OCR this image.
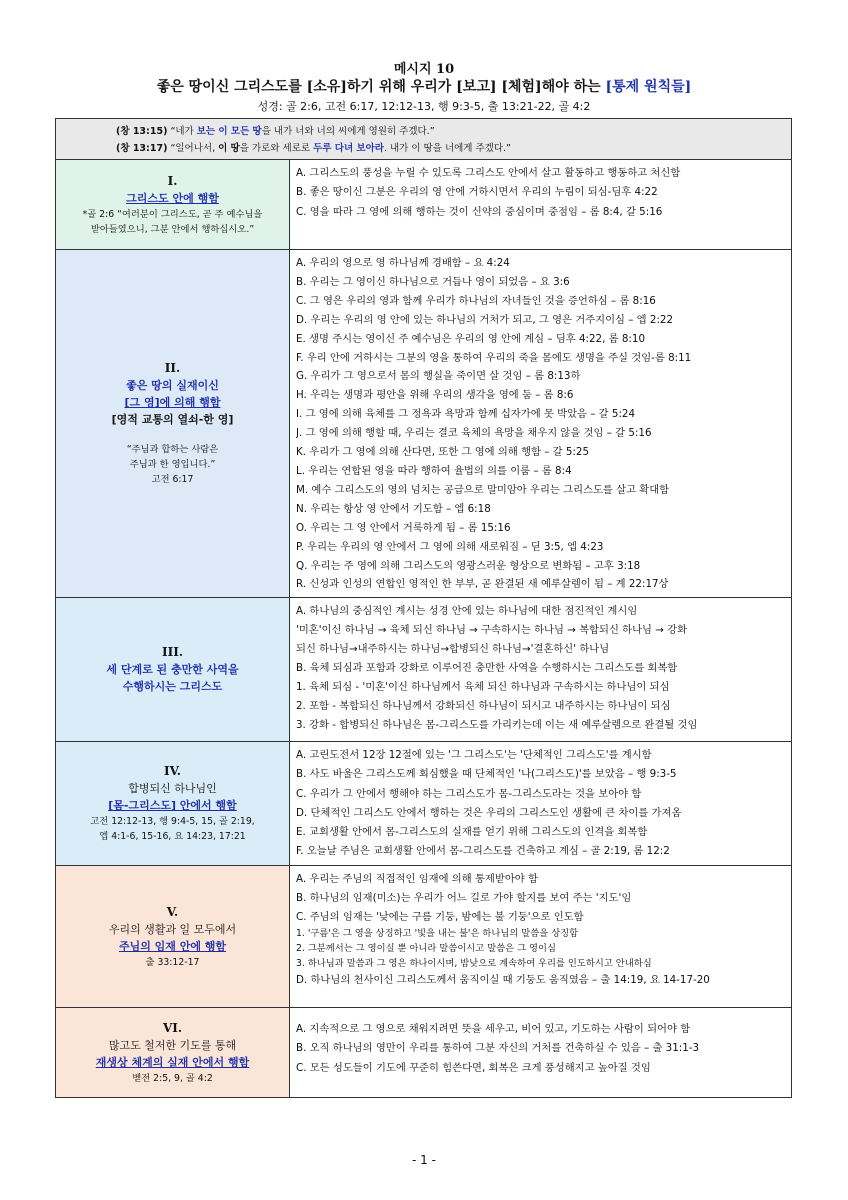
메시지 10
좋은 땅이신 그리스도를 [소유]하기 위해 우리가 [보고] [체험]해야 하는 [통제 원칙들]
성경: 골 2:6, 고전 6:17, 12:12-13, 행 9:3-5, 출 13:21-22, 골 4:2
(창 13:15) “네가 보는 이 모든 땅을 내가 너와 너의 씨에게 영원히 주겠다.”
(창 13:17) “일어나서, 이 땅을 가로와 세로로 두루 다녀 보아라. 내가 이 땅을 너에게 주겠다.”
I.
그리스도 안에 행함
*골 2:6 “여러분이 그리스도, 곧 주 예수님을
받아들였으니, 그분 안에서 행하십시오.”
A. 그리스도의 풍성을 누릴 수 있도록 그리스도 안에서 살고 활동하고 행동하고 처신함
B. 좋은 땅이신 그분은 우리의 영 안에 거하시면서 우리의 누림이 되심-딤후 4:22
C. 영을 따라 그 영에 의해 행하는 것이 신약의 중심이며 중점임 – 롬 8:4, 갈 5:16
II.
좋은 땅의 실재이신
[그 영]에 의해 행함
[영적 교통의 열쇠-한 영]
“주님과 합하는 사람은
주님과 한 영입니다.”
고전 6:17
A. 우리의 영으로 영 하나님께 경배함 – 요 4:24
B. 우리는 그 영이신 하나님으로 거듭나 영이 되었음 – 요 3:6
C. 그 영은 우리의 영과 함께 우리가 하나님의 자녀들인 것을 증언하심 – 롬 8:16
D. 우리는 우리의 영 안에 있는 하나님의 거처가 되고, 그 영은 거주지이심 – 엡 2:22
E. 생명 주시는 영이신 주 예수님은 우리의 영 안에 계심 – 딤후 4:22, 롬 8:10
F. 우리 안에 거하시는 그분의 영을 통하여 우리의 죽을 몸에도 생명을 주실 것임-롬 8:11
G. 우리가 그 영으로서 몸의 행실을 죽이면 살 것임 – 롬 8:13하
H. 우리는 생명과 평안을 위해 우리의 생각을 영에 둠 – 롬 8:6
I. 그 영에 의해 육체를 그 정욕과 욕망과 함께 십자가에 못 박았음 – 갈 5:24
J. 그 영에 의해 행할 때, 우리는 결코 육체의 욕망을 채우지 않을 것임 – 갈 5:16
K. 우리가 그 영에 의해 산다면, 또한 그 영에 의해 행함 – 갈 5:25
L. 우리는 연합된 영을 따라 행하여 율법의 의를 이룸 – 롬 8:4
M. 예수 그리스도의 영의 넘치는 공급으로 말미암아 우리는 그리스도를 살고 확대함
N. 우리는 항상 영 안에서 기도함 – 엡 6:18
O. 우리는 그 영 안에서 거룩하게 됨 – 롬 15:16
P. 우리는 우리의 영 안에서 그 영에 의해 새로워짐 – 딛 3:5, 엡 4:23
Q. 우리는 주 영에 의해 그리스도의 영광스러운 형상으로 변화됨 – 고후 3:18
R. 신성과 인성의 연합인 영적인 한 부부, 곧 완결된 새 예루살렘이 됨 – 계 22:17상
III.
세 단계로 된 충만한 사역을
수행하시는 그리스도
A. 하나님의 중심적인 계시는 성경 안에 있는 하나님에 대한 점진적인 계시임
'미혼'이신 하나님 → 육체 되신 하나님 → 구속하시는 하나님 → 복합되신 하나님 → 강화
되신 하나님→내주하시는 하나님→합병되신 하나님→'결혼하신' 하나님
B. 육체 되심과 포함과 강화로 이루어진 충만한 사역을 수행하시는 그리스도를 회복함
1. 육체 되심 - '미혼'이신 하나님께서 육체 되신 하나님과 구속하시는 하나님이 되심
2. 포함 - 복합되신 하나님께서 강화되신 하나님이 되시고 내주하시는 하나님이 되심
3. 강화 - 합병되신 하나님은 몸-그리스도를 가리키는데 이는 새 예루살렘으로 완결될 것임
IV.
합병되신 하나님인
[몸-그리스도] 안에서 행함
고전 12:12-13, 행 9:4-5, 15, 골 2:19,
엡 4:1-6, 15-16, 요 14:23, 17:21
A. 고린도전서 12장 12절에 있는 '그 그리스도'는 '단체적인 그리스도'를 계시함
B. 사도 바울은 그리스도께 회심했을 때 단체적인 '나(그리스도)'를 보았음 – 행 9:3-5
C. 우리가 그 안에서 행해야 하는 그리스도가 몸-그리스도라는 것을 보아야 함
D. 단체적인 그리스도 안에서 행하는 것은 우리의 그리스도인 생활에 큰 차이를 가져옴
E. 교회생활 안에서 몸-그리스도의 실재를 얻기 위해 그리스도의 인격을 회복함
F. 오늘날 주님은 교회생활 안에서 몸-그리스도를 건축하고 계심 – 골 2:19, 롬 12:2
V.
우리의 생활과 일 모두에서
주님의 임재 안에 행함
출 33:12-17
A. 우리는 주님의 직접적인 임재에 의해 통제받아야 함
B. 하나님의 임재(미소)는 우리가 어느 길로 가야 할지를 보여 주는 '지도'임
C. 주님의 임재는 '낮에는 구름 기둥, 밤에는 불 기둥'으로 인도함
1. '구름'은 그 영을 상징하고 '빛을 내는 불'은 하나님의 말씀을 상징함
2. 그분께서는 그 영이실 뿐 아니라 말씀이시고 말씀은 그 영이심
3. 하나님과 말씀과 그 영은 하나이시며, 밤낮으로 계속하여 우리를 인도하시고 안내하심
D. 하나님의 천사이신 그리스도께서 움직이실 때 기둥도 움직였음 – 출 14:19, 요 14-17-20
VI.
많고도 철저한 기도를 통해
재생상 체계의 실재 안에서 행함
벧전 2:5, 9, 골 4:2
A. 지속적으로 그 영으로 채워지려면 뜻을 세우고, 비어 있고, 기도하는 사람이 되어야 함
B. 오직 하나님의 영만이 우리를 통하여 그분 자신의 거처를 건축하실 수 있음 – 출 31:1-3
C. 모든 성도들이 기도에 꾸준히 힘쓴다면, 회복은 크게 풍성해지고 높아질 것임
- 1 -
